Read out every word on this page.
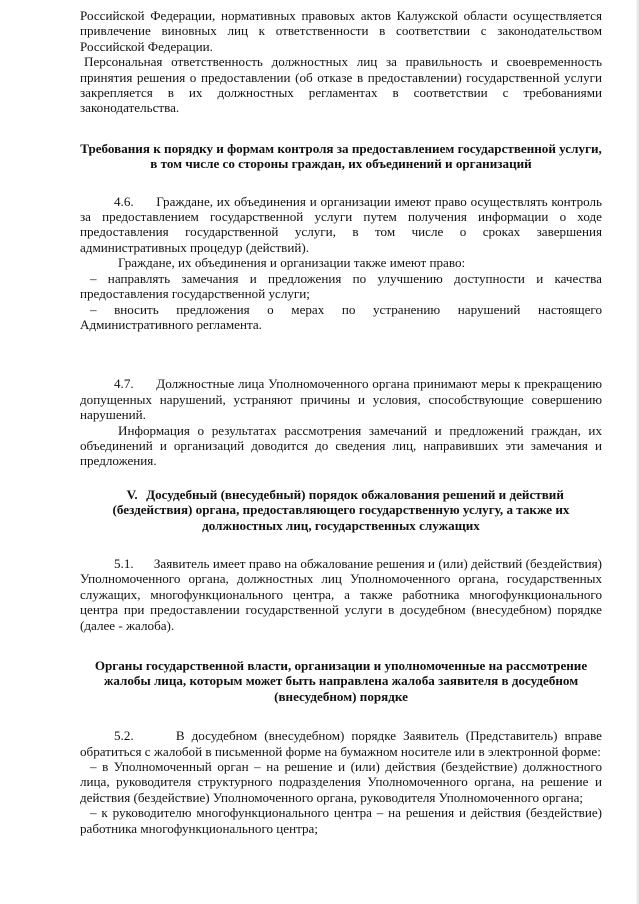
Российской Федерации, нормативных правовых актов Калужской области осуществляется привлечение виновных лиц к ответственности в соответствии с законодательством Российской Федерации.

Персональная ответственность должностных лиц за правильность и своевременность принятия решения о предоставлении (об отказе в предоставлении) государственной услуги закрепляется в их должностных регламентах в соответствии с требованиями законодательства.

Требования к порядку и формам контроля за предоставлением государственной услуги, в том числе со стороны граждан, их объединений и организаций

4.6.      Граждане, их объединения и организации имеют право осуществлять контроль за предоставлением государственной услуги путем получения информации о ходе предоставления государственной услуги, в том числе о сроках завершения административных процедур (действий).

Граждане, их объединения и организации также имеют право:

– направлять замечания и предложения по улучшению доступности и качества предоставления государственной услуги;

– вносить предложения о мерах по устранению нарушений настоящего Административного регламента.

4.7.      Должностные лица Уполномоченного органа принимают меры к прекращению допущенных нарушений, устраняют причины и условия, способствующие совершению нарушений.

Информация о результатах рассмотрения замечаний и предложений граждан, их объединений и организаций доводится до сведения лиц, направивших эти замечания и предложения.

V. Досудебный (внесудебный) порядок обжалования решений и действий (бездействия) органа, предоставляющего государственную услугу, а также их должностных лиц, государственных служащих

5.1.      Заявитель имеет право на обжалование решения и (или) действий (бездействия) Уполномоченного органа, должностных лиц Уполномоченного органа, государственных служащих, многофункционального центра, а также работника многофункционального центра при предоставлении государственной услуги в досудебном (внесудебном) порядке (далее - жалоба).

Органы государственной власти, организации и уполномоченные на рассмотрение жалобы лица, которым может быть направлена жалоба заявителя в досудебном (внесудебном) порядке

5.2.      В досудебном (внесудебном) порядке Заявитель (Представитель) вправе обратиться с жалобой в письменной форме на бумажном носителе или в электронной форме:

– в Уполномоченный орган – на решение и (или) действия (бездействие) должностного лица, руководителя структурного подразделения Уполномоченного органа, на решение и действия (бездействие) Уполномоченного органа, руководителя Уполномоченного органа;

– к руководителю многофункционального центра – на решения и действия (бездействие) работника многофункционального центра;
